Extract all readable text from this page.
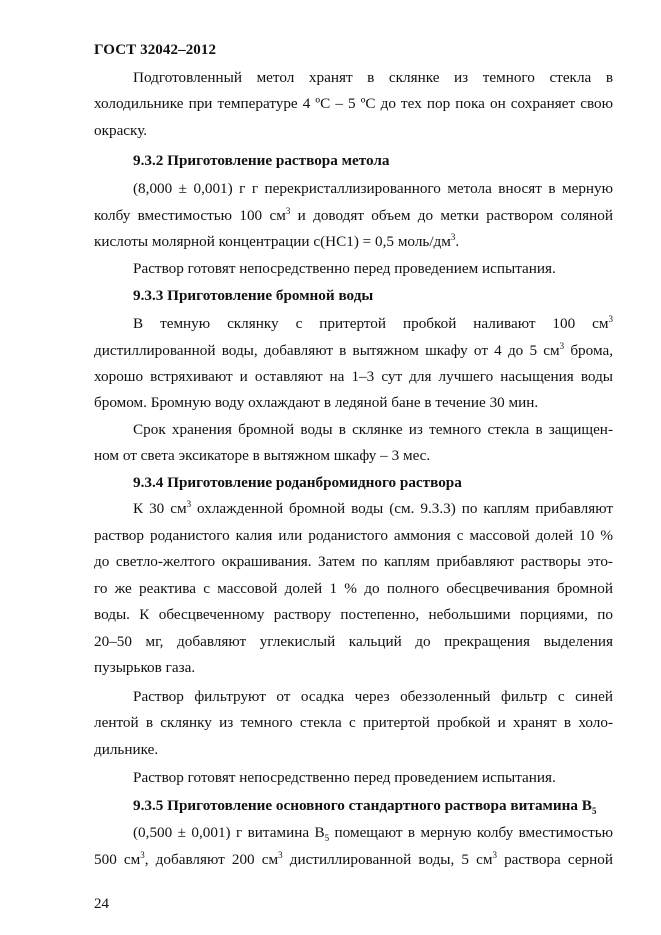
ГОСТ 32042–2012
Подготовленный метол хранят в склянке из темного стекла в
холодильнике при температуре 4 ºС – 5 ºС до тех пор пока он сохраняет свою
окраску.
9.3.2 Приготовление раствора метола
(8,000 ± 0,001) г г перекристаллизированного метола вносят в мерную
колбу вместимостью 100 $см^3$ и доводят объем до метки раствором соляной
кислоты молярной концентрации с(НС1) = 0,5 моль/$дм^3$.
Раствор готовят непосредственно перед проведением испытания.
9.3.3 Приготовление бромной воды
В темную склянку с притертой пробкой наливают 100 $см^3$
дистиллированной воды, добавляют в вытяжном шкафу от 4 до 5 $см^3$ брома,
хорошо встряхивают и оставляют на 1–3 сут для лучшего насыщения воды
бромом. Бромную воду охлаждают в ледяной бане в течение 30 мин.
Срок хранения бромной воды в склянке из темного стекла в защищен-
ном от света эксикаторе в вытяжном шкафу – 3 мес.
9.3.4 Приготовление роданбромидного раствора
К 30 $см^3$ охлажденной бромной воды (см. 9.3.3) по каплям прибавляют
раствор роданистого калия или роданистого аммония с массовой долей 10 %
до светло-желтого окрашивания. Затем по каплям прибавляют растворы это-
го же реактива с массовой долей 1 % до полного обесцвечивания бромной
воды. К обесцвеченному раствору постепенно, небольшими порциями, по
20–50 мг, добавляют углекислый кальций до прекращения выделения
пузырьков газа.
Раствор фильтруют от осадка через обеззоленный фильтр с синей
лентой в склянку из темного стекла с притертой пробкой и хранят в холо-
дильнике.
Раствор готовят непосредственно перед проведением испытания.
9.3.5 Приготовление основного стандартного раствора витамина $В_5$
(0,500 ± 0,001) г витамина $В_5$ помещают в мерную колбу вместимостью
500 $см^3$, добавляют 200 $см^3$ дистиллированной воды, 5 $см^3$ раствора серной
24
